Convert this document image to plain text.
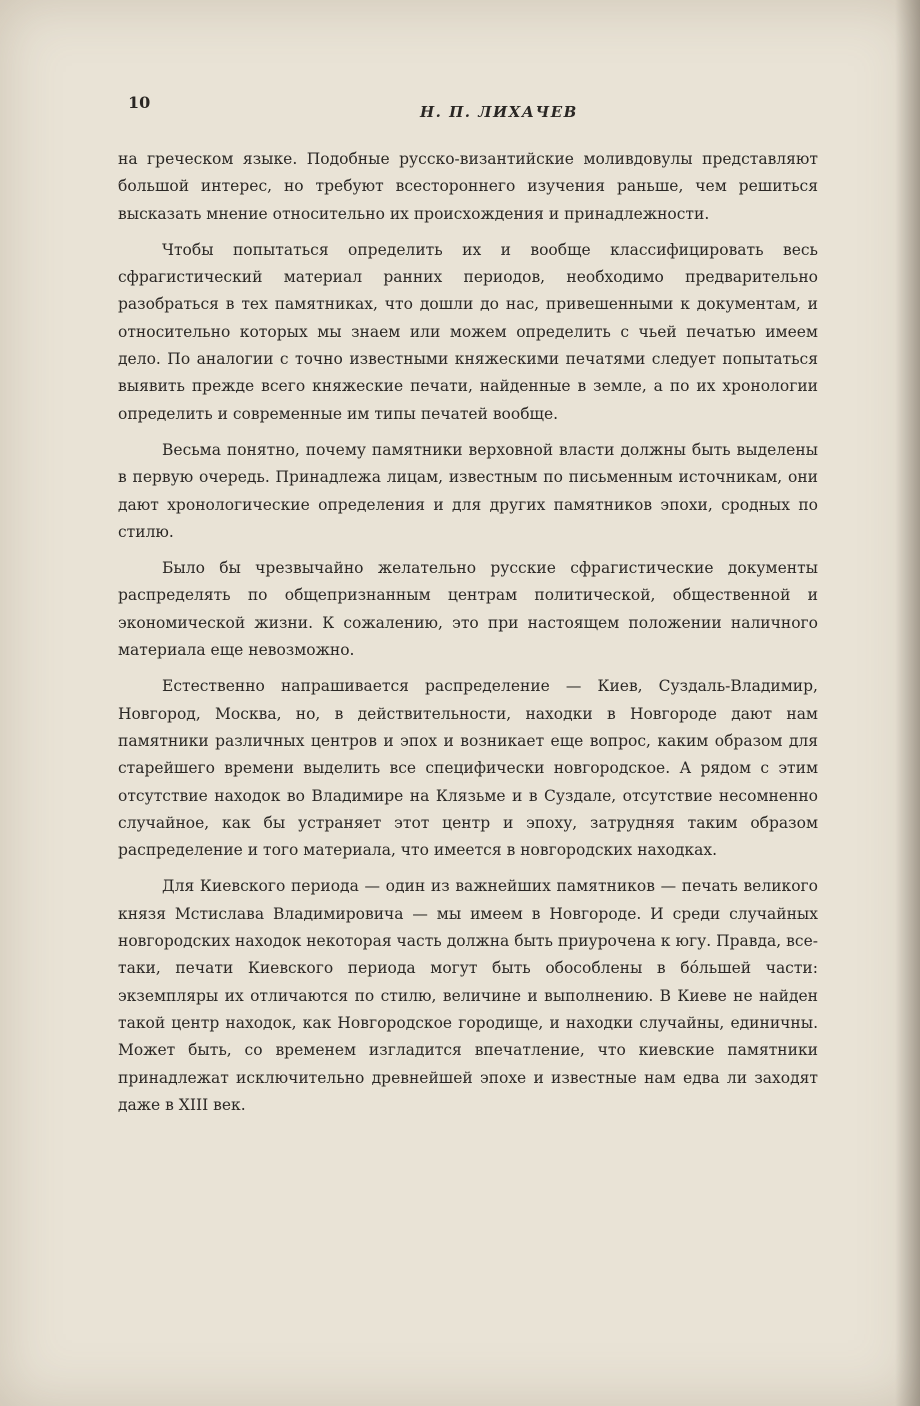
10	Н. П. ЛИХАЧЕВ

на греческом языке. Подобные русско-византийские моливдовулы представляют большой интерес, но требуют всестороннего изучения раньше, чем решиться высказать мнение относительно их происхождения и принадлежности.

Чтобы попытаться определить их и вообще классифицировать весь сфрагистический материал ранних периодов, необходимо предварительно разобраться в тех памятниках, что дошли до нас, привешенными к документам, и относительно которых мы знаем или можем определить с чьей печатью имеем дело. По аналогии с точно известными княжескими печатями следует попытаться выявить прежде всего княжеские печати, найденные в земле, а по их хронологии определить и современные им типы печатей вообще.

Весьма понятно, почему памятники верховной власти должны быть выделены в первую очередь. Принадлежа лицам, известным по письменным источникам, они дают хронологические определения и для других памятников эпохи, сродных по стилю.

Было бы чрезвычайно желательно русские сфрагистические документы распределять по общепризнанным центрам политической, общественной и экономической жизни. К сожалению, это при настоящем положении наличного материала еще невозможно.

Естественно напрашивается распределение — Киев, Суздаль-Владимир, Новгород, Москва, но, в действительности, находки в Новгороде дают нам памятники различных центров и эпох и возникает еще вопрос, каким образом для старейшего времени выделить все специфически новгородское. А рядом с этим отсутствие находок во Владимире на Клязьме и в Суздале, отсутствие несомненно случайное, как бы устраняет этот центр и эпоху, затрудняя таким образом распределение и того материала, что имеется в новгородских находках.

Для Киевского периода — один из важнейших памятников — печать великого князя Мстислава Владимировича — мы имеем в Новгороде. И среди случайных новгородских находок некоторая часть должна быть приурочена к югу. Правда, все-таки, печати Киевского периода могут быть обособлены в бо́льшей части: экземпляры их отличаются по стилю, величине и выполнению. В Киеве не найден такой центр находок, как Новгородское городище, и находки случайны, единичны. Может быть, со временем изгладится впечатление, что киевские памятники принадлежат исключительно древнейшей эпохе и известные нам едва ли заходят даже в XIII век.
